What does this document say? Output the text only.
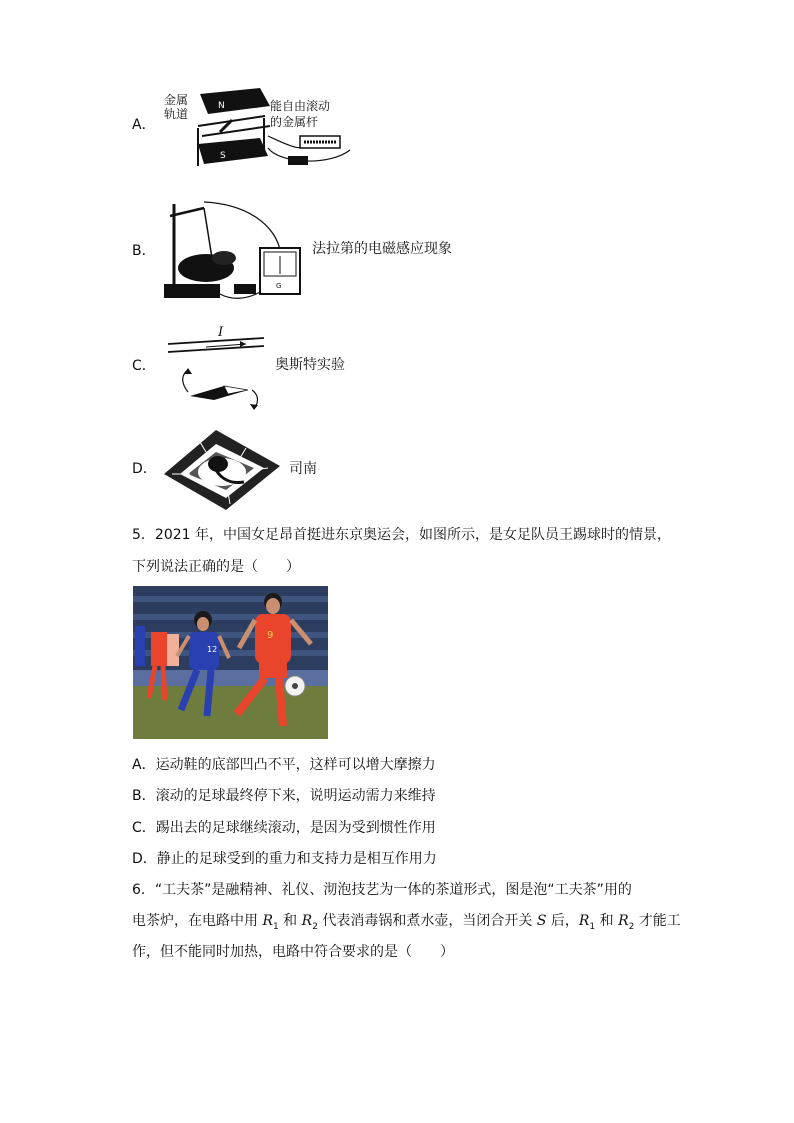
A．
N
S
金属
轨道
能自由滚动
的金属杆
B．
G
法拉第的电磁感应现象
C．
I
奥斯特实验
D．	司南
5．2021 年，中国女足昂首挺进东京奥运会，如图所示，是女足队员王踢球时的情景，
下列说法正确的是（　　）
12
9
A．运动鞋的底部凹凸不平，这样可以增大摩擦力
B．滚动的足球最终停下来，说明运动需力来维持
C．踢出去的足球继续滚动，是因为受到惯性作用
D．静止的足球受到的重力和支持力是相互作用力
6．“工夫茶”是融精神、礼仪、沏泡技艺为一体的茶道形式，图是泡“工夫茶”用的
电茶炉，在电路中用 $R_1$ 和 $R_2$ 代表消毒锅和煮水壶，当闭合开关 S 后，$R_1$ 和 $R_2$ 才能工
作，但不能同时加热，电路中符合要求的是（　　）
